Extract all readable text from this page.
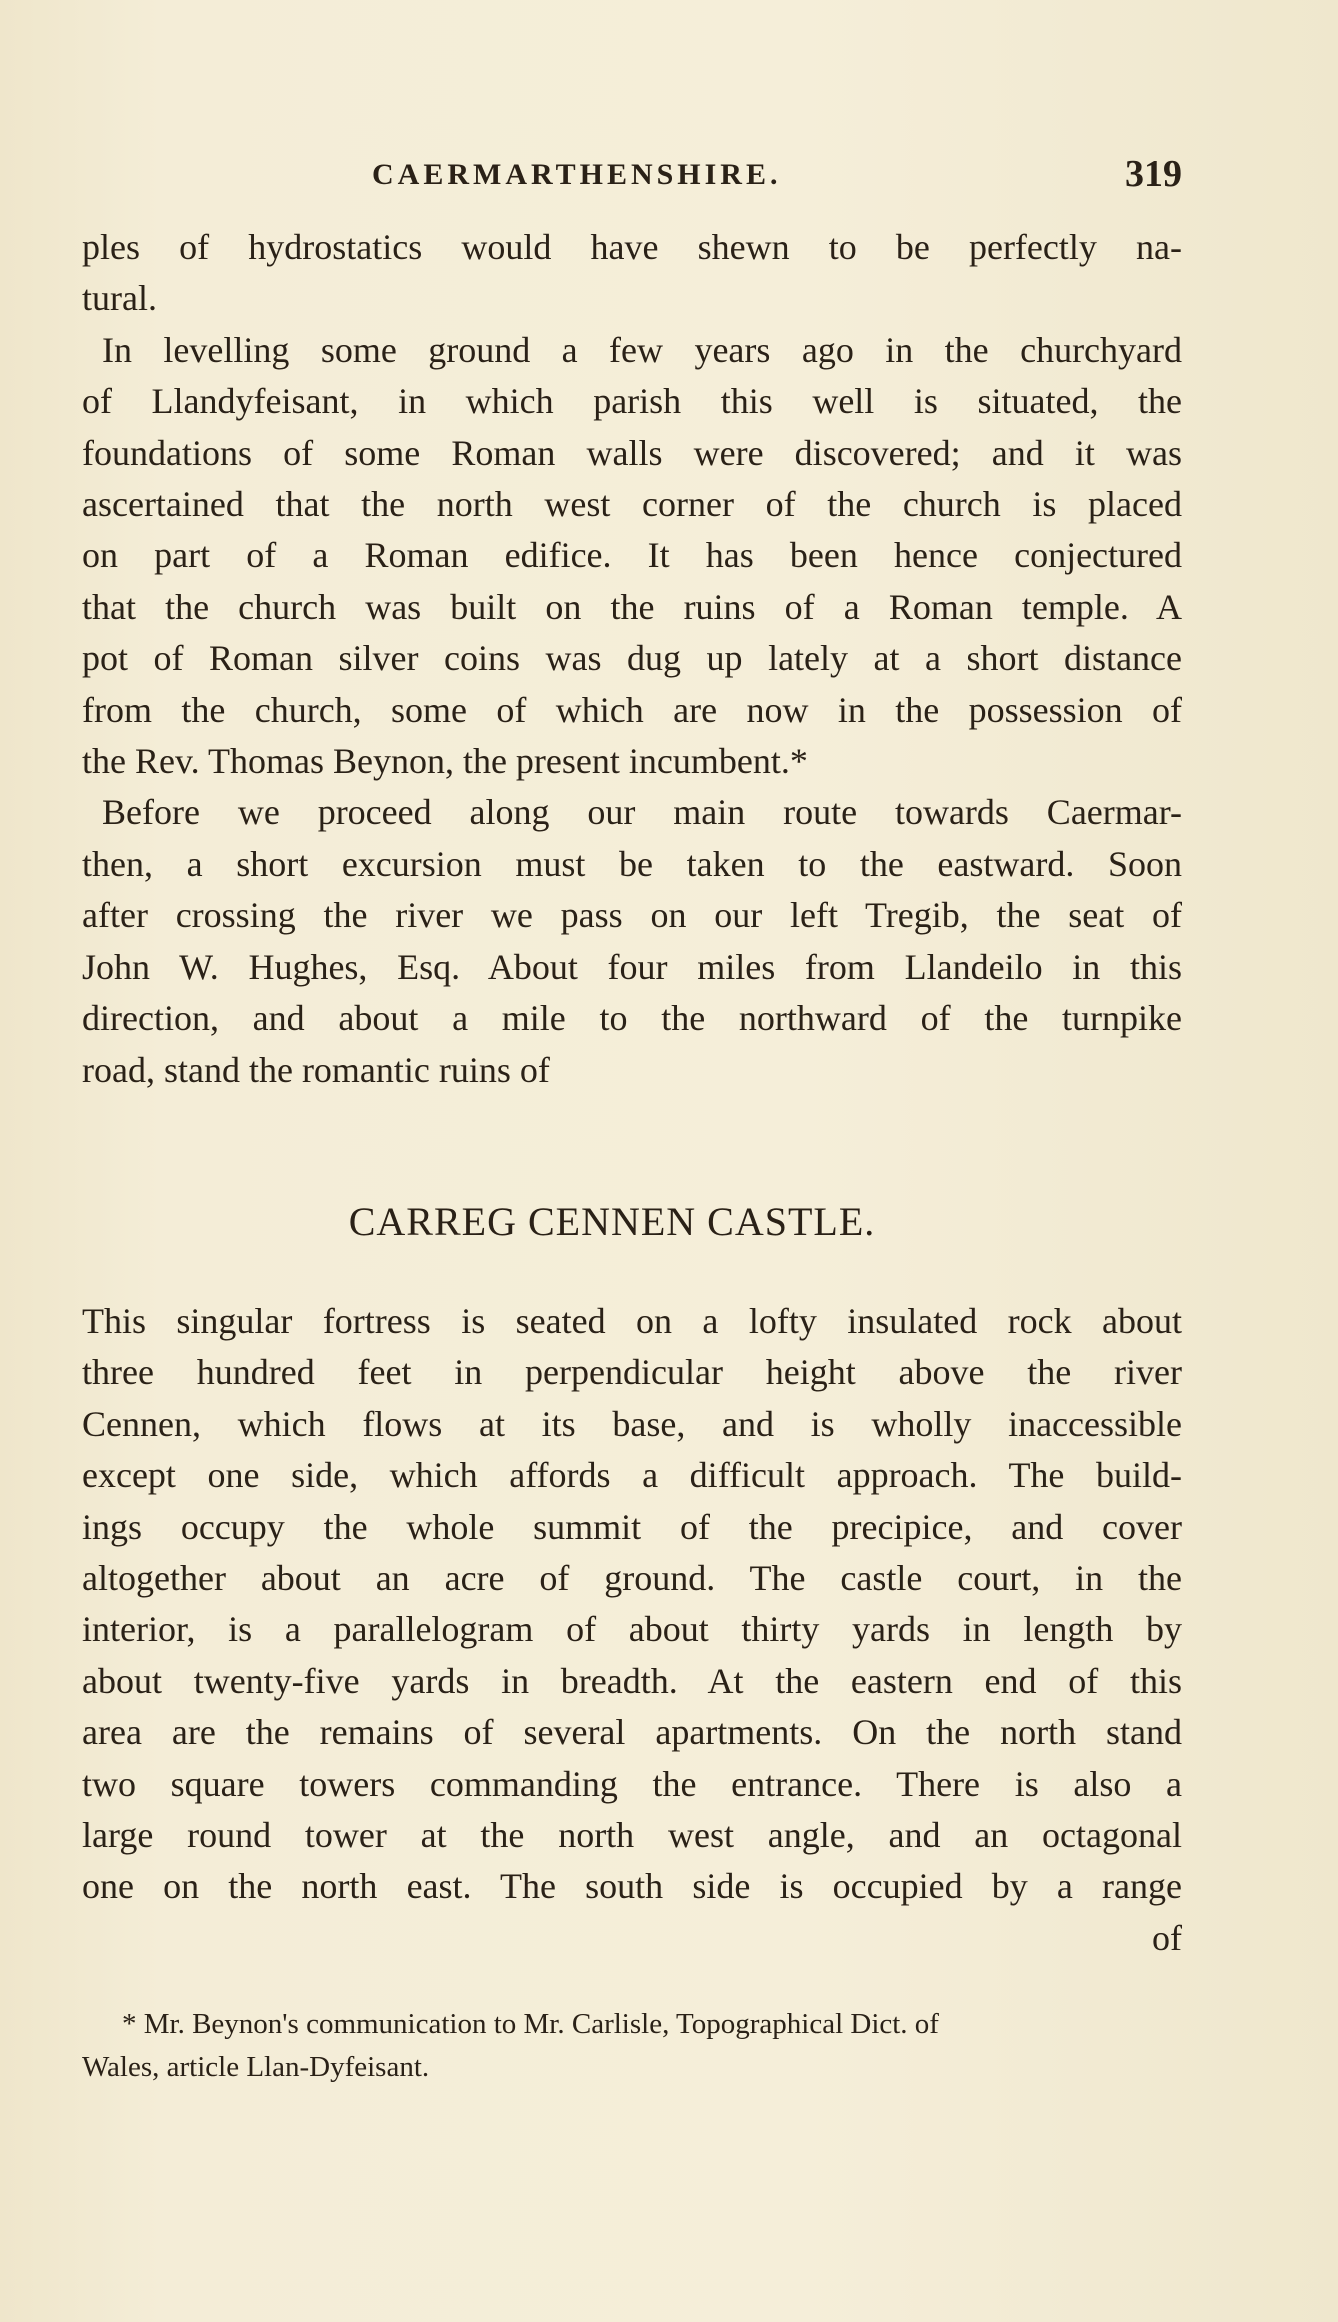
CAERMARTHENSHIRE.	319
ples of hydrostatics would have shewn to be perfectly na-
tural.
In levelling some ground a few years ago in the churchyard
of Llandyfeisant, in which parish this well is situated, the
foundations of some Roman walls were discovered; and it was
ascertained that the north west corner of the church is placed
on part of a Roman edifice. It has been hence conjectured
that the church was built on the ruins of a Roman temple. A
pot of Roman silver coins was dug up lately at a short distance
from the church, some of which are now in the possession of
the Rev. Thomas Beynon, the present incumbent.*
Before we proceed along our main route towards Caermar-
then, a short excursion must be taken to the eastward. Soon
after crossing the river we pass on our left Tregib, the seat of
John W. Hughes, Esq. About four miles from Llandeilo in this
direction, and about a mile to the northward of the turnpike
road, stand the romantic ruins of
CARREG CENNEN CASTLE.
This singular fortress is seated on a lofty insulated rock about
three hundred feet in perpendicular height above the river
Cennen, which flows at its base, and is wholly inaccessible
except one side, which affords a difficult approach. The build-
ings occupy the whole summit of the precipice, and cover
altogether about an acre of ground. The castle court, in the
interior, is a parallelogram of about thirty yards in length by
about twenty-five yards in breadth. At the eastern end of this
area are the remains of several apartments. On the north stand
two square towers commanding the entrance. There is also a
large round tower at the north west angle, and an octagonal
one on the north east. The south side is occupied by a range
of
* Mr. Beynon's communication to Mr. Carlisle, Topographical Dict. of
Wales, article Llan-Dyfeisant.
